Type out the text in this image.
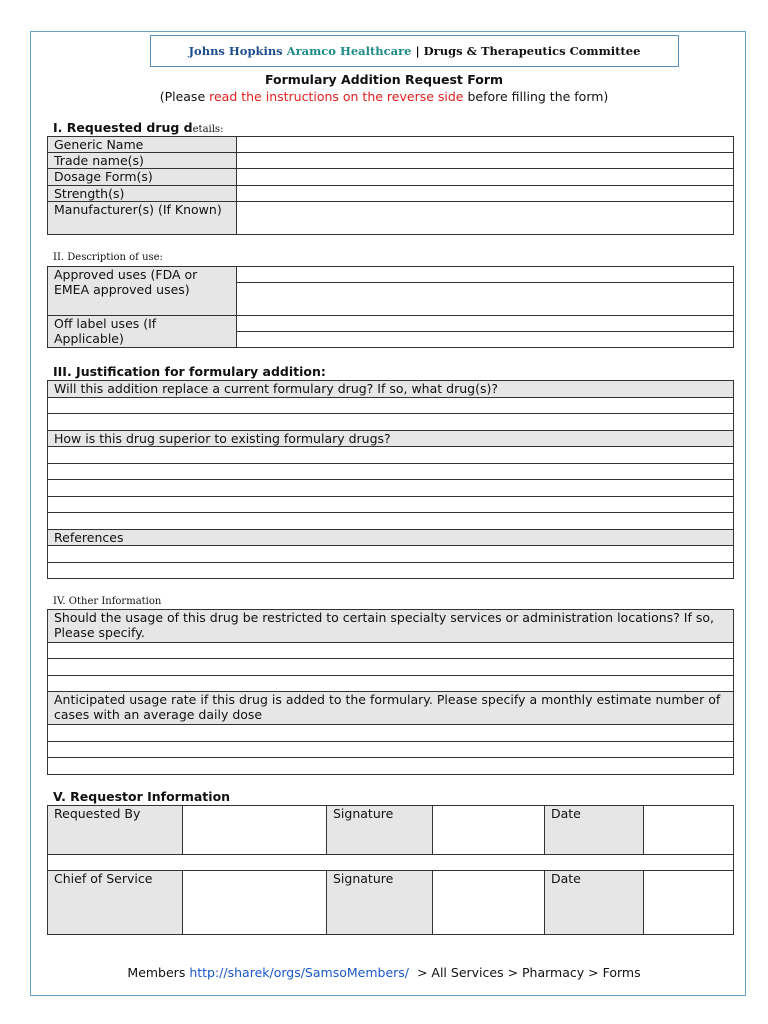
Johns Hopkins
Aramco Healthcare
| Drugs & Therapeutics Committee
Formulary Addition Request Form
(Please read the instructions on the reverse side before filling the form)
I. Requested drug details:
Generic Name	
Trade name(s)	
Dosage Form(s)	
Strength(s)	
Manufacturer(s) (If Known)	
II. Description of use:
Approved uses (FDA or EMEA approved uses)	

Off label uses (If Applicable)	

III. Justification for formulary addition:
Will this addition replace a current formulary drug? If so, what drug(s)?

How is this drug superior to existing formulary drugs?

References

IV. Other Information
Should the usage of this drug be restricted to certain specialty services or administration locations? If so, Please specify.

Anticipated usage rate if this drug is added to the formulary. Please specify a monthly estimate number of cases with an average daily dose

V. Requestor Information
Requested By		Signature		Date	

Chief of Service		Signature		Date	
Members http://sharek/orgs/SamsoMembers/  > All Services > Pharmacy > Forms
